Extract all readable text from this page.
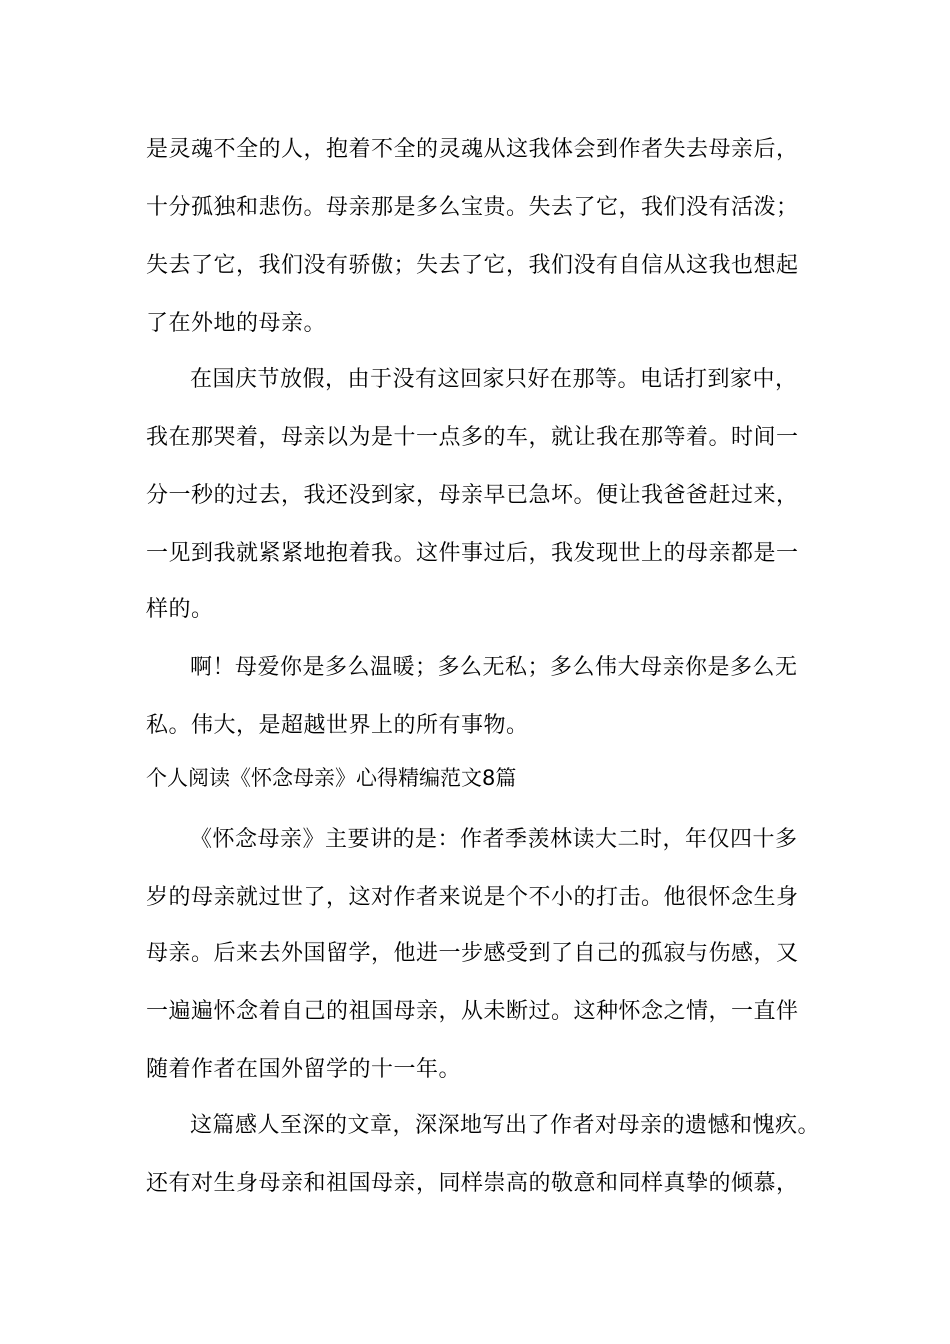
是灵魂不全的人，抱着不全的灵魂从这我体会到作者失去母亲后，
十分孤独和悲伤。母亲那是多么宝贵。失去了它，我们没有活泼；
失去了它，我们没有骄傲；失去了它，我们没有自信从这我也想起
了在外地的母亲。
在国庆节放假，由于没有这回家只好在那等。电话打到家中，
我在那哭着，母亲以为是十一点多的车，就让我在那等着。时间一
分一秒的过去，我还没到家，母亲早已急坏。便让我爸爸赶过来，
一见到我就紧紧地抱着我。这件事过后，我发现世上的母亲都是一
样的。
啊！母爱你是多么温暖；多么无私；多么伟大母亲你是多么无
私。伟大，是超越世界上的所有事物。
个人阅读《怀念母亲》心得精编范文8篇
《怀念母亲》主要讲的是：作者季羡林读大二时，年仅四十多
岁的母亲就过世了，这对作者来说是个不小的打击。他很怀念生身
母亲。后来去外国留学，他进一步感受到了自己的孤寂与伤感，又
一遍遍怀念着自己的祖国母亲，从未断过。这种怀念之情，一直伴
随着作者在国外留学的十一年。
这篇感人至深的文章，深深地写出了作者对母亲的遗憾和愧疚。
还有对生身母亲和祖国母亲，同样崇高的敬意和同样真挚的倾慕，
